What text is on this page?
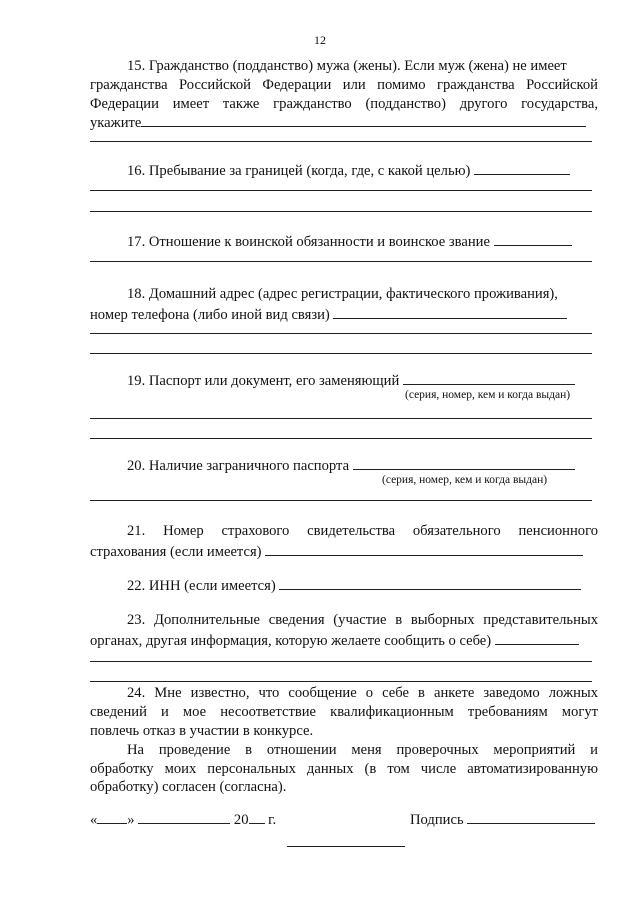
12
15. Гражданство (подданство) мужа (жены). Если муж (жена) не имеет
гражданства Российской Федерации или помимо гражданства Российской
Федерации имеет также гражданство (подданство) другого государства,
укажите
16. Пребывание за границей (когда, где, с какой целью)
17. Отношение к воинской обязанности и воинское звание
18. Домашний адрес (адрес регистрации, фактического проживания),
номер телефона (либо иной вид связи)
19. Паспорт или документ, его заменяющий
(серия, номер, кем и когда выдан)
20. Наличие заграничного паспорта
(серия, номер, кем и когда выдан)
21. Номер страхового свидетельства обязательного пенсионного
страхования (если имеется)
22. ИНН (если имеется)
23. Дополнительные сведения (участие в выборных представительных
органах, другая информация, которую желаете сообщить о себе)
24. Мне известно, что сообщение о себе в анкете заведомо ложных
сведений и мое несоответствие квалификационным требованиям могут
повлечь отказ в участии в конкурсе.
На проведение в отношении меня проверочных мероприятий и
обработку моих персональных данных (в том числе автоматизированную
обработку) согласен (согласна).
« »	20 г.	Подпись
